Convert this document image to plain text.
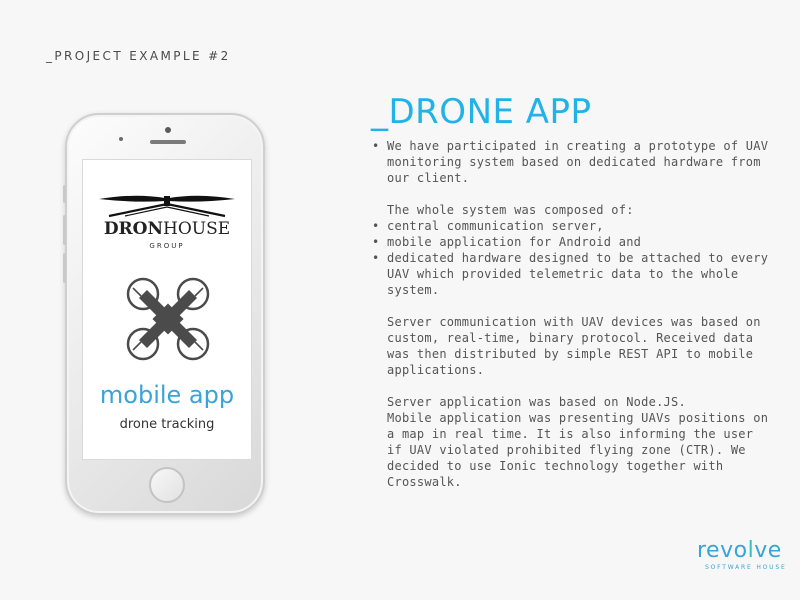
_PROJECT EXAMPLE #2
DRONHOUSE
GROUP
mobile app
drone tracking
_DRONE APP
• We have participated in creating a prototype of UAV monitoring system based on dedicated hardware from our client.

The whole system was composed of:

• central communication server,
• mobile application for Android and
• dedicated hardware designed to be attached to every UAV which provided telemetric data to the whole system.

Server communication with UAV devices was based on custom, real-time, binary protocol. Received data was then distributed by simple REST API to mobile applications.

Server application was based on Node.JS.

Mobile application was presenting UAVs positions on a map in real time. It is also informing the user if UAV violated prohibited flying zone (CTR). We decided to use Ionic technology together with Crosswalk.

revolve
SOFTWARE HOUSE
